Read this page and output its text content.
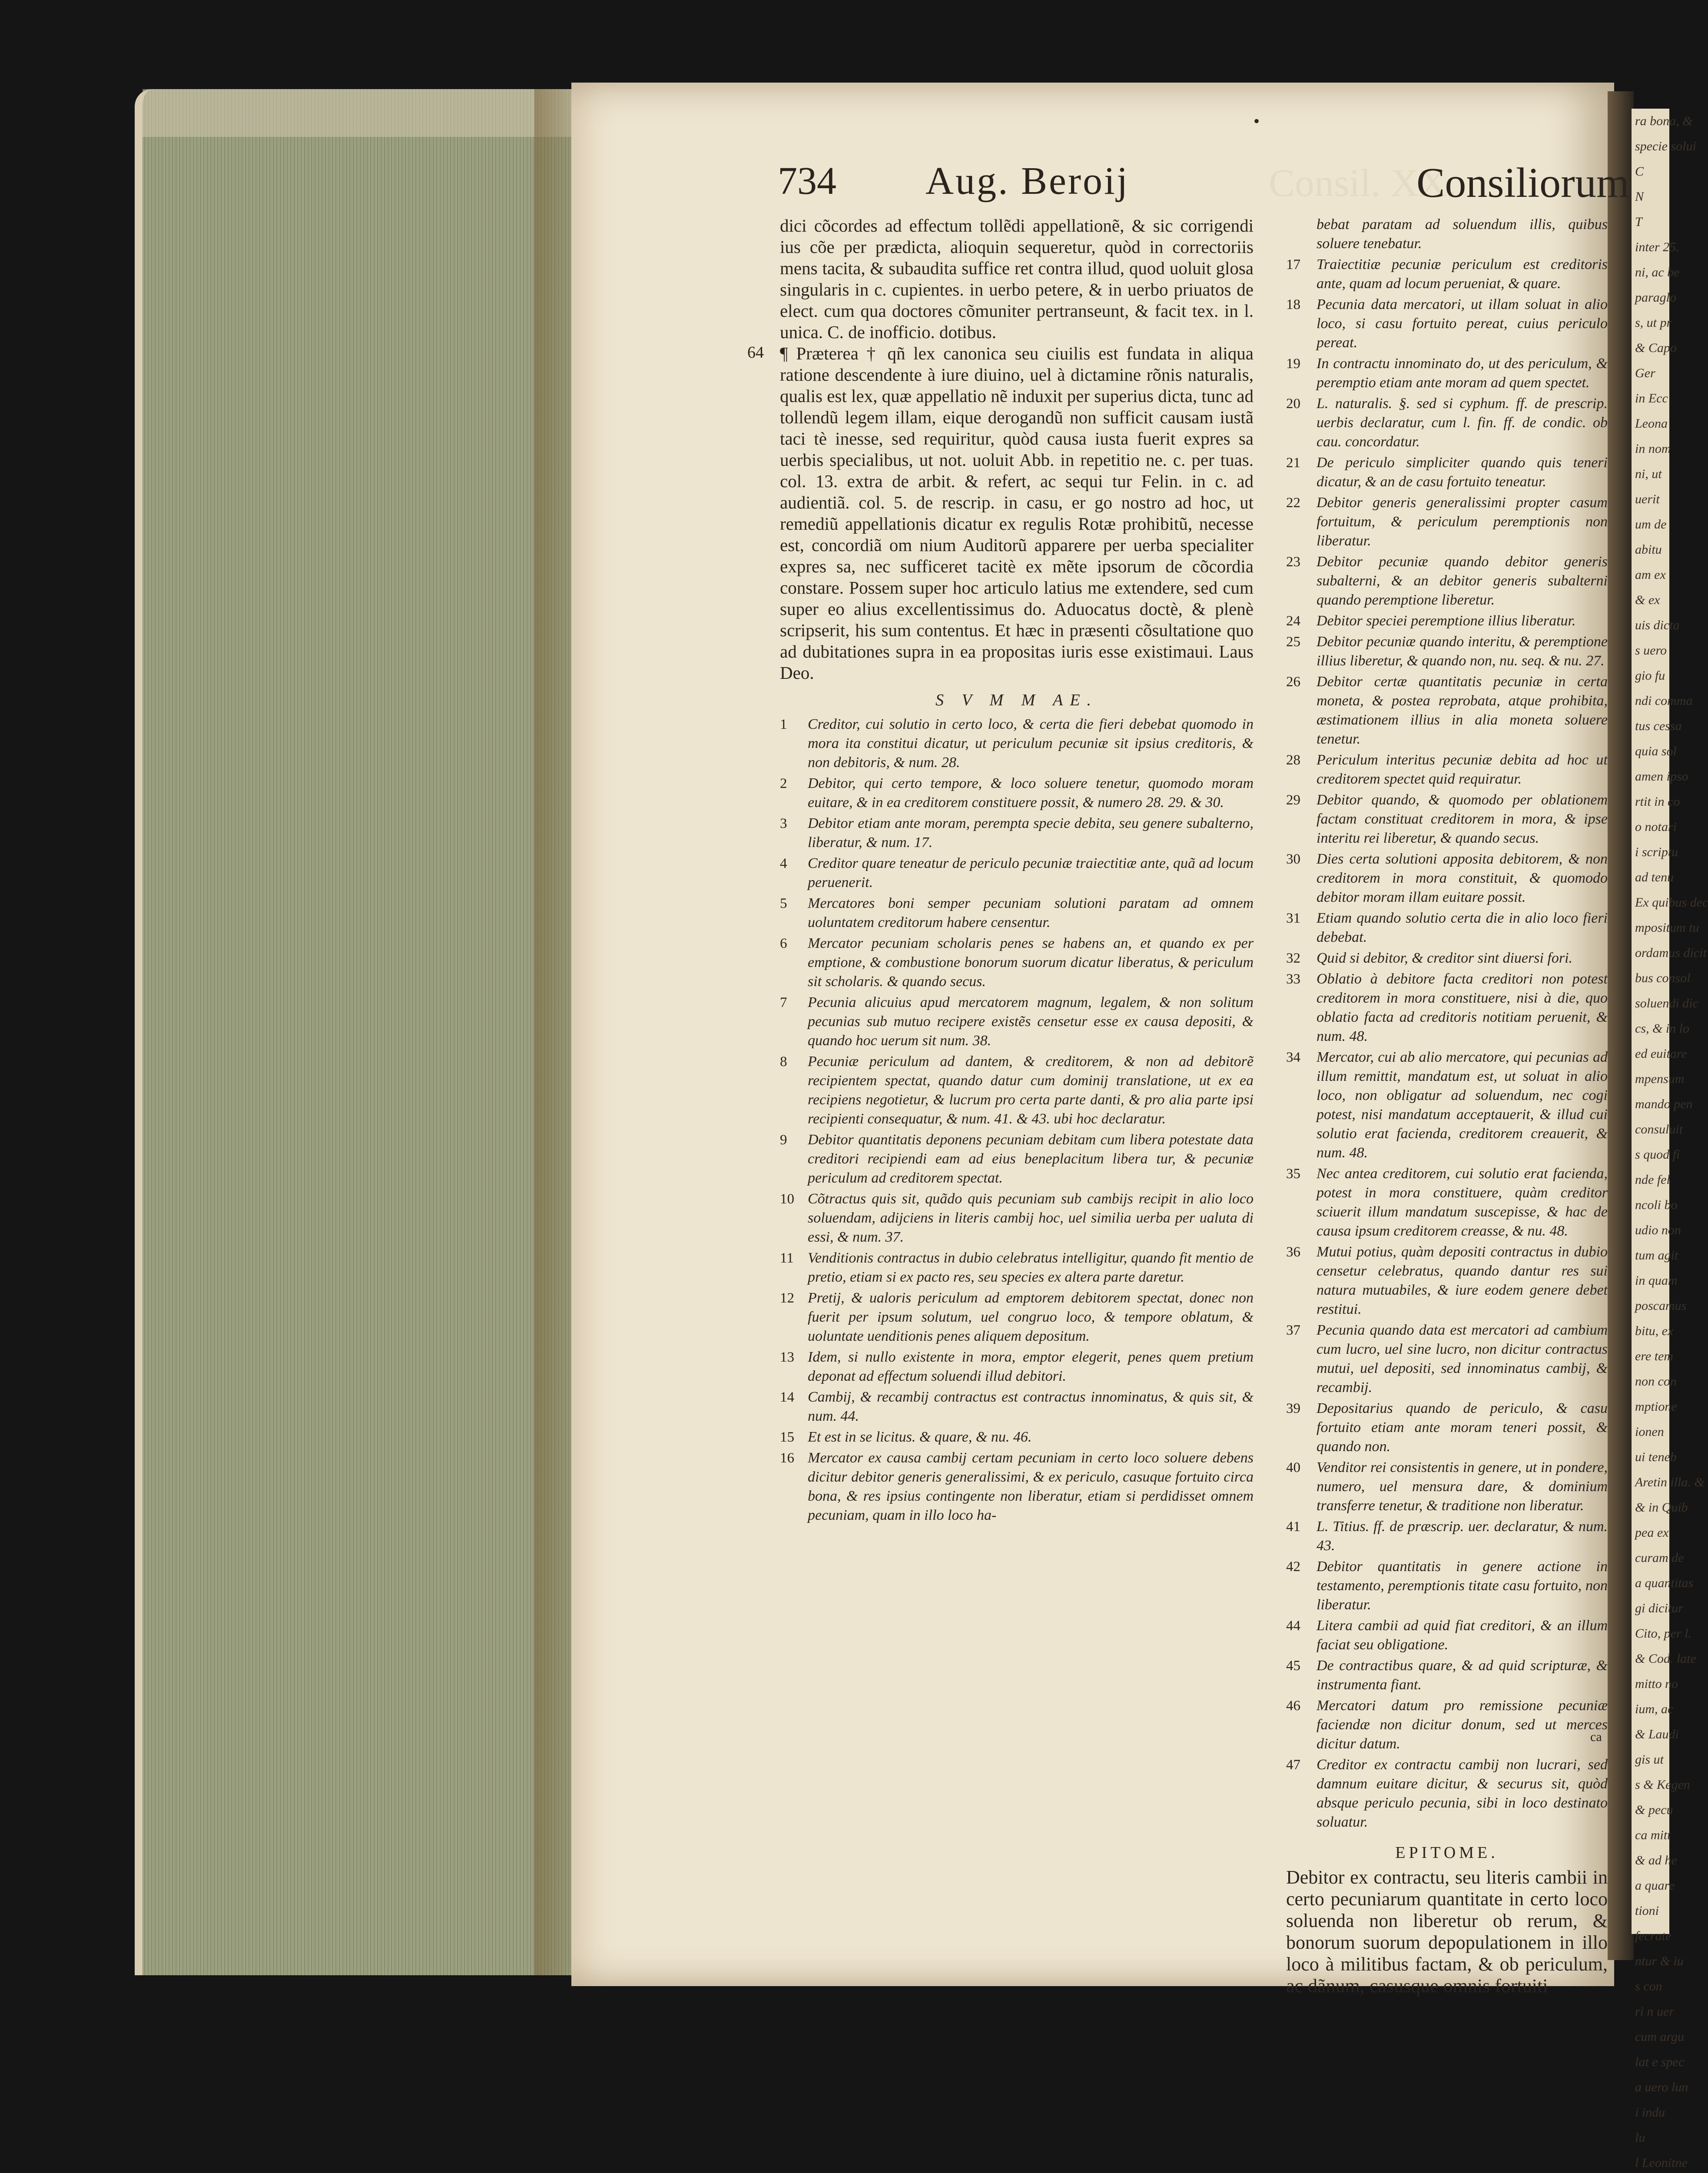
ra bona, &
specie solui
C
N
T
inter 25.
ni, ac be
paraglo
s, ut pr
& Capo
Ger
in Ecc
Leona
in nom
ni, ut
uerit
um de
abitu
am ex
& ex
uis dicta
s uero
gio fu
ndi comma
tus cessa
quia sol
amen ipso
rtit in co
o notari
i scriptu
ad tenu
Ex quibus dec
mpositum tu
ordamus dicit
bus consol
soluendi dic
cs, & in lo
ed euitare
mpensum
mando pen
consuluit
s quod fi
nde fel
ncoli bo
udio non
tum agit
in quam
poscamus
bitu, ex
ere tem
non con
mptione
ionen
ui teneb
Aretin illa. &
& in Quib
pea ex
curam de
a quantitas
gi dicitur
Cito, per l.
& Cod. late
mitto no
ium, ac
& Laudi
gis ut
s & Kegen
& pecu
ca mitt
& ad he
a quare
tioni
fecrate
ntur & iu
s con
ri n uer
cum argu
lat e spec
a uero lun
i indu
lu
l Leonitne
Consil. XX.
•
734 Aug. Beroij	Consiliorum

dici cõcordes ad effectum tollẽdi appellationẽ, & sic corrigendi ius cõe per prædicta, alioquin sequeretur, quòd in correctoriis mens tacita, & subaudita suffice ret contra illud, quod uoluit glosa singularis in c. cupientes. in uerbo petere, & in uerbo priuatos de elect. cum qua doctores cõmuniter pertranseunt, & facit tex. in l. unica. C. de inofficio. dotibus.

64 ¶ Præterea † qñ lex canonica seu ciuilis est fundata in aliqua ratione descendente à iure diuino, uel à dictamine rõnis naturalis, qualis est lex, quæ appellatio nẽ induxit per superius dicta, tunc ad tollendũ legem illam, eique derogandũ non sufficit causam iustã taci tè inesse, sed requiritur, quòd causa iusta fuerit expres sa uerbis specialibus, ut not. uoluit Abb. in repetitio ne. c. per tuas. col. 13. extra de arbit. & refert, ac sequi tur Felin. in c. ad audientiã. col. 5. de rescrip. in casu, er go nostro ad hoc, ut remediũ appellationis dicatur ex regulis Rotæ prohibitũ, necesse est, concordiã om nium Auditorũ apparere per uerba specialiter expres sa, nec sufficeret tacitè ex mẽte ipsorum de cõcordia constare. Possem super hoc articulo latius me extendere, sed cum super eo alius excellentissimus do. Aduocatus doctè, & plenè scripserit, his sum contentus. Et hæc in præsenti cõsultatione quo ad dubitationes supra in ea propositas iuris esse existimaui. Laus Deo.

S V M M AE.
1	Creditor, cui solutio in certo loco, & certa die fieri debebat quomodo in mora ita constitui dicatur, ut periculum pecuniæ sit ipsius creditoris, & non debitoris, & num. 28.
2	Debitor, qui certo tempore, & loco soluere tenetur, quomodo moram euitare, & in ea creditorem constituere possit, & numero 28. 29. & 30.
3	Debitor etiam ante moram, perempta specie debita, seu genere subalterno, liberatur, & num. 17.
4	Creditor quare teneatur de periculo pecuniæ traiectitiæ ante, quã ad locum peruenerit.
5	Mercatores boni semper pecuniam solutioni paratam ad omnem uoluntatem creditorum habere censentur.
6	Mercator pecuniam scholaris penes se habens an, et quando ex per emptione, & combustione bonorum suorum dicatur liberatus, & periculum sit scholaris. & quando secus.
7	Pecunia alicuius apud mercatorem magnum, legalem, & non solitum pecunias sub mutuo recipere existẽs censetur esse ex causa depositi, & quando hoc uerum sit num. 38.
8	Pecuniæ periculum ad dantem, & creditorem, & non ad debitorẽ recipientem spectat, quando datur cum dominij translatione, ut ex ea recipiens negotietur, & lucrum pro certa parte danti, & pro alia parte ipsi recipienti consequatur, & num. 41. & 43. ubi hoc declaratur.
9	Debitor quantitatis deponens pecuniam debitam cum libera potestate data creditori recipiendi eam ad eius beneplacitum libera tur, & pecuniæ periculum ad creditorem spectat.
10 Cõtractus quis sit, quãdo quis pecuniam sub cambijs recipit in alio loco soluendam, adijciens in literis cambij hoc, uel similia uerba per ualuta di essi, & num. 37.
11 Venditionis contractus in dubio celebratus intelligitur, quando fit mentio de pretio, etiam si ex pacto res, seu species ex altera parte daretur.
12 Pretij, & ualoris periculum ad emptorem debitorem spectat, donec non fuerit per ipsum solutum, uel congruo loco, & tempore oblatum, & uoluntate uenditionis penes aliquem depositum.
13 Idem, si nullo existente in mora, emptor elegerit, penes quem pretium deponat ad effectum soluendi illud debitori.
14 Cambij, & recambij contractus est contractus innominatus, & quis sit, & num. 44.
15 Et est in se licitus. & quare, & nu. 46.
16 Mercator ex causa cambij certam pecuniam in certo loco soluere debens dicitur debitor generis generalissimi, & ex periculo, casuque fortuito circa bona, & res ipsius contingente non liberatur, etiam si perdidisset omnem pecuniam, quam in illo loco ha-
bebat paratam ad soluendum illis, quibus soluere tenebatur.
17	Traiectitiæ pecuniæ periculum est creditoris ante, quam ad locum perueniat, & quare.
18	Pecunia data mercatori, ut illam soluat in alio loco, si casu fortuito pereat, cuius periculo pereat.
19	In contractu innominato do, ut des periculum, & peremptio etiam ante moram ad quem spectet.
20	L. naturalis. §. sed si cyphum. ff. de prescrip. uerbis declaratur, cum l. fin. ff. de condic. ob cau. concordatur.
21	De periculo simpliciter quando quis teneri dicatur, & an de casu fortuito teneatur.
22	Debitor generis generalissimi propter casum fortuitum, & periculum peremptionis non liberatur.
23	Debitor pecuniæ quando debitor generis subalterni, & an debitor generis subalterni quando peremptione liberetur.
24	Debitor speciei peremptione illius liberatur.
25	Debitor pecuniæ quando interitu, & peremptione illius liberetur, & quando non, nu. seq. & nu. 27.
26	Debitor certæ quantitatis pecuniæ in certa moneta, & postea reprobata, atque prohibita, æstimationem illius in alia moneta soluere tenetur.
28	Periculum interitus pecuniæ debita ad hoc ut creditorem spectet quid requiratur.
29	Debitor quando, & quomodo per oblationem factam constituat creditorem in mora, & ipse interitu rei liberetur, & quando secus.
30	Dies certa solutioni apposita debitorem, & non creditorem in mora constituit, & quomodo debitor moram illam euitare possit.
31	Etiam quando solutio certa die in alio loco fieri debebat.
32	Quid si debitor, & creditor sint diuersi fori.
33	Oblatio à debitore facta creditori non potest creditorem in mora constituere, nisi à die, quo oblatio facta ad creditoris notitiam peruenit, & num. 48.
34	Mercator, cui ab alio mercatore, qui pecunias ad illum remittit, mandatum est, ut soluat in alio loco, non obligatur ad soluendum, nec cogi potest, nisi mandatum acceptauerit, & illud cui solutio erat facienda, creditorem creauerit, & num. 48.
35	Nec antea creditorem, cui solutio erat facienda, potest in mora constituere, quàm creditor sciuerit illum mandatum suscepisse, & hac de causa ipsum creditorem creasse, & nu. 48.
36	Mutui potius, quàm depositi contractus in dubio censetur celebratus, quando dantur res sui natura mutuabiles, & iure eodem genere debet restitui.
37	Pecunia quando data est mercatori ad cambium cum lucro, uel sine lucro, non dicitur contractus mutui, uel depositi, sed innominatus cambij, & recambij.
39	Depositarius quando de periculo, & casu fortuito etiam ante moram teneri possit, & quando non.
40	Venditor rei consistentis in genere, ut in pondere, numero, uel mensura dare, & dominium transferre tenetur, & traditione non liberatur.
41	L. Titius. ff. de præscrip. uer. declaratur, & num. 43.
42	Debitor quantitatis in genere actione in testamento, peremptionis titate casu fortuito, non liberatur.
44	Litera cambii ad quid fiat creditori, & an illum faciat seu obligatione.
45	De contractibus quare, & ad quid scripturæ, & instrumenta fiant.
46	Mercatori datum pro remissione pecuniæ faciendæ non dicitur donum, sed ut merces dicitur datum.
47	Creditor ex contractu cambij non lucrari, sed damnum euitare dicitur, & securus sit, quòd absque periculo pecunia, sibi in loco destinato soluatur.
EPITOME.

Debitor ex contractu, seu literis cambii in certo pecuniarum quantitate in certo loco soluenda non liberetur ob rerum, & bonorum suorum depopulationem in illo loco à militibus factam, & ob periculum, ac dãnum, casusque omnis fortuiti

ca
